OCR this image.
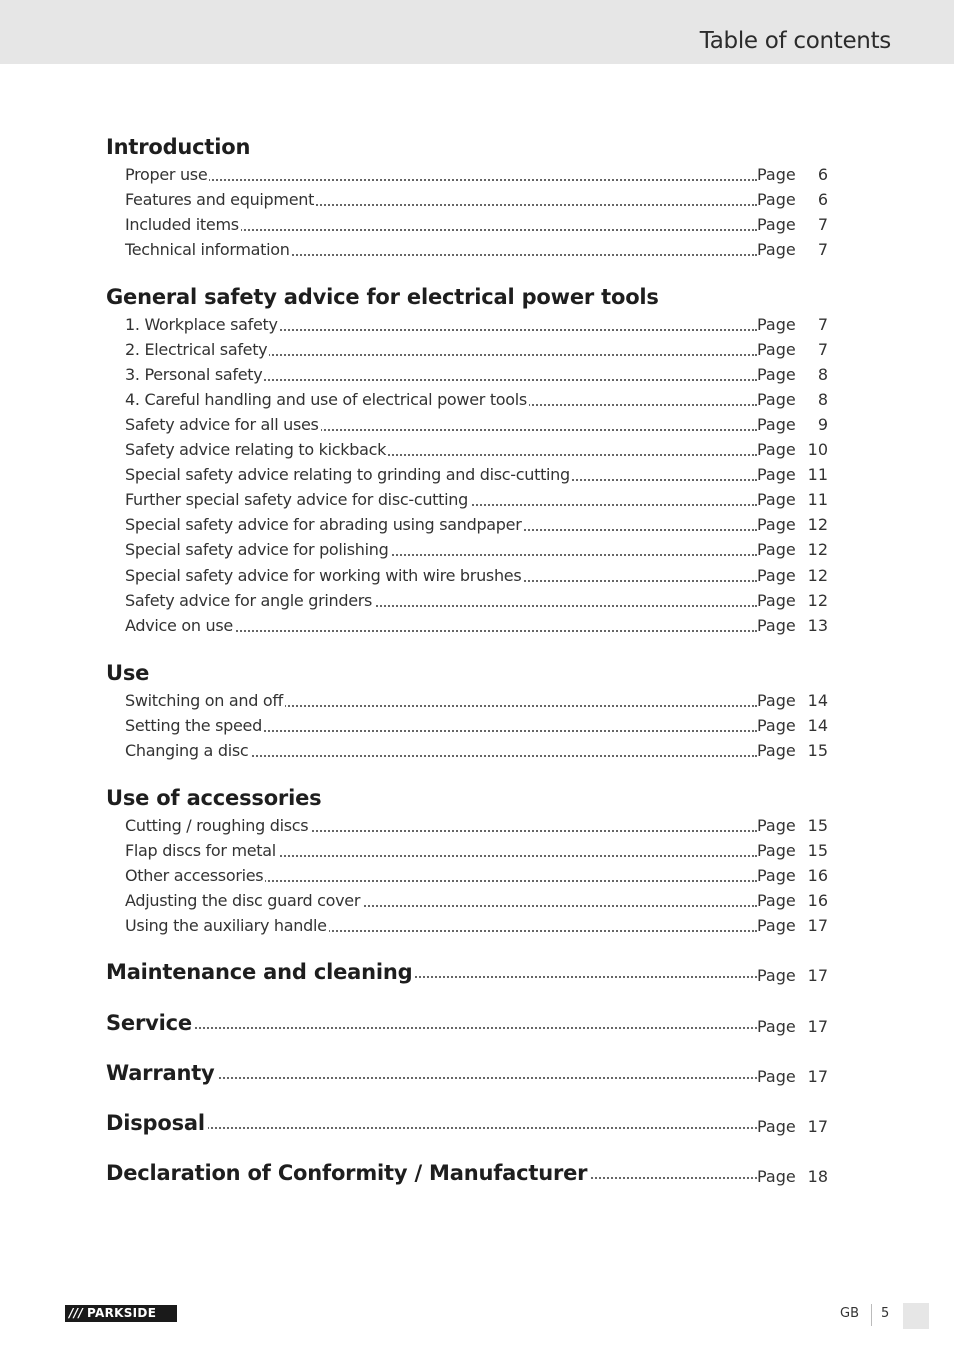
Table of contents
Introduction
Proper use	Page 6
Features and equipment	Page 6
Included items	Page 7
Technical information	Page 7
General safety advice for electrical power tools
1. Workplace safety	Page 7
2. Electrical safety	Page 7
3. Personal safety	Page 8
4. Careful handling and use of electrical power tools	Page 8
Safety advice for all uses	Page 9
Safety advice relating to kickback	Page 10
Special safety advice relating to grinding and disc-cutting	Page 11
Further special safety advice for disc-cutting	Page 11
Special safety advice for abrading using sandpaper	Page 12
Special safety advice for polishing	Page 12
Special safety advice for working with wire brushes	Page 12
Safety advice for angle grinders	Page 12
Advice on use	Page 13
Use
Switching on and off	Page 14
Setting the speed	Page 14
Changing a disc	Page 15
Use of accessories
Cutting / roughing discs	Page 15
Flap discs for metal	Page 15
Other accessories	Page 16
Adjusting the disc guard cover	Page 16
Using the auxiliary handle	Page 17
Maintenance and cleaning	Page 17
Service	Page 17
Warranty	Page 17
Disposal	Page 17
Declaration of Conformity / Manufacturer	Page 18
/// PARKSIDE	GB 5
